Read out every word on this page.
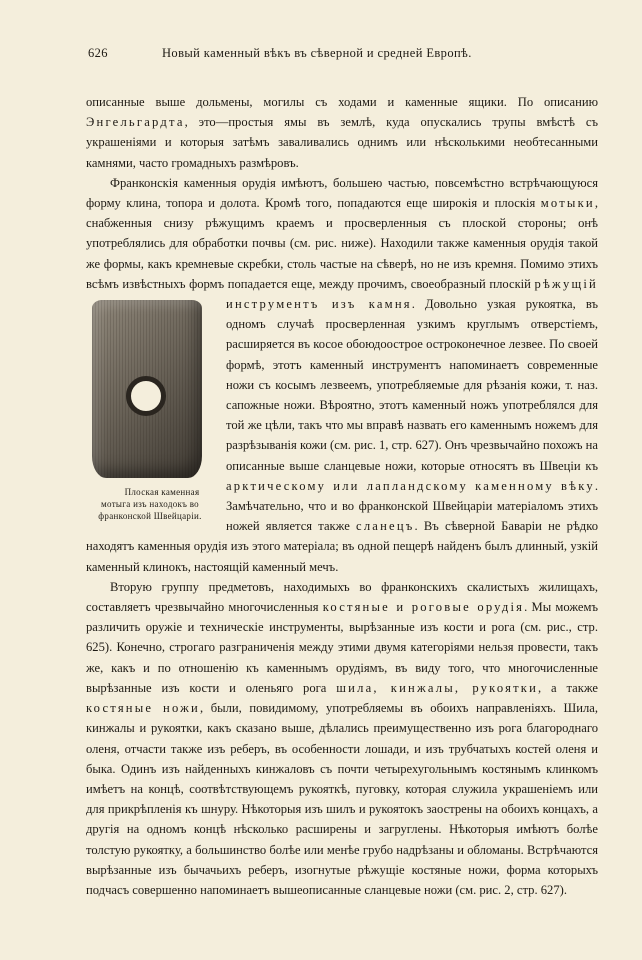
626	Новый каменный вѣкъ въ сѣверной и средней Европѣ.

описанные выше дольмены, могилы съ ходами и каменные ящики. По описанию Энгельгардта, это—простыя ямы въ землѣ, куда опускались трупы вмѣстѣ съ украшеніями и которыя затѣмъ заваливались однимъ или нѣсколькими необтесанными камнями, часто громадныхъ размѣровъ.

Франконскія каменныя орудія имѣютъ, большею частью, повсемѣстно встрѣчающуюся форму клина, топора и долота. Кромѣ того, попадаются еще широкія и плоскія мотыки, снабженныя снизу рѣжущимъ краемъ и просверленныя съ плоской стороны; онѣ употреблялись для обработки почвы (см. рис. ниже). Находили также каменныя орудія такой же формы, какъ кремневые скребки, столь частые на сѣверѣ, но не изъ кремня. Помимо этихъ всѣмъ извѣстныхъ формъ попадается еще, между прочимъ, своеобразный плоскій
Плоская каменная мотыга изъ находокъ во франконской Швейцаріи.
рѣжущій инструментъ изъ камня. Довольно узкая рукоятка, въ одномъ случаѣ просверленная узкимъ круглымъ отверстіемъ, расширяется въ косое обоюдоострое остроконечное лезвее. По своей формѣ, этотъ каменный инструментъ напоминаетъ современные ножи съ косымъ лезвеемъ, употребляемые для рѣзанія кожи, т. наз. сапожные ножи. Вѣроятно, этотъ каменный ножъ употреблялся для той же цѣли, такъ что мы вправѣ назвать его каменнымъ ножемъ для разрѣзыванія кожи (см. рис. 1, стр. 627). Онъ чрезвычайно похожъ на описанные выше сланцевые ножи, которые относятъ въ Швеціи къ арктическому или лапландскому каменному вѣку. Замѣчательно, что и во франконской Швейцаріи матеріаломъ этихъ ножей является также сланецъ. Въ сѣверной Баваріи не рѣдко находятъ каменныя орудія изъ этого матеріала; въ одной пещерѣ найденъ былъ длинный, узкій каменный клинокъ, настоящій каменный мечъ.

Вторую группу предметовъ, находимыхъ во франконскихъ скалистыхъ жилищахъ, составляетъ чрезвычайно многочисленныя костяные и роговые орудія. Мы можемъ различить оружіе и техническіе инструменты, вырѣзанные изъ кости и рога (см. рис., стр. 625). Конечно, строгаго разграниченія между этими двумя категоріями нельзя провести, такъ же, какъ и по отношенію къ каменнымъ орудіямъ, въ виду того, что многочисленные вырѣзанные изъ кости и оленьяго рога шила, кинжалы, рукоятки, а также костяные ножи, были, повидимому, употребляемы въ обоихъ направленіяхъ. Шила, кинжалы и рукоятки, какъ сказано выше, дѣлались преимущественно изъ рога благороднаго оленя, отчасти также изъ реберъ, въ особенности лошади, и изъ трубчатыхъ костей оленя и быка. Одинъ изъ найденныхъ кинжаловъ съ почти четырехугольнымъ костянымъ клинкомъ имѣетъ на концѣ, соотвѣтствующемъ рукояткѣ, пуговку, которая служила украшеніемъ или для прикрѣпленія къ шнуру. Нѣкоторыя изъ шилъ и рукоятокъ заострены на обоихъ концахъ, а другія на одномъ концѣ нѣсколько расширены и загруглены. Нѣкоторыя имѣютъ болѣе толстую рукоятку, а большинство болѣе или менѣе грубо надрѣзаны и обломаны. Встрѣчаются вырѣзанные изъ бычачьихъ реберъ, изогнутые рѣжущіе костяные ножи, форма которыхъ подчасъ совершенно напоминаетъ вышеописанные сланцевые ножи (см. рис. 2, стр. 627).
